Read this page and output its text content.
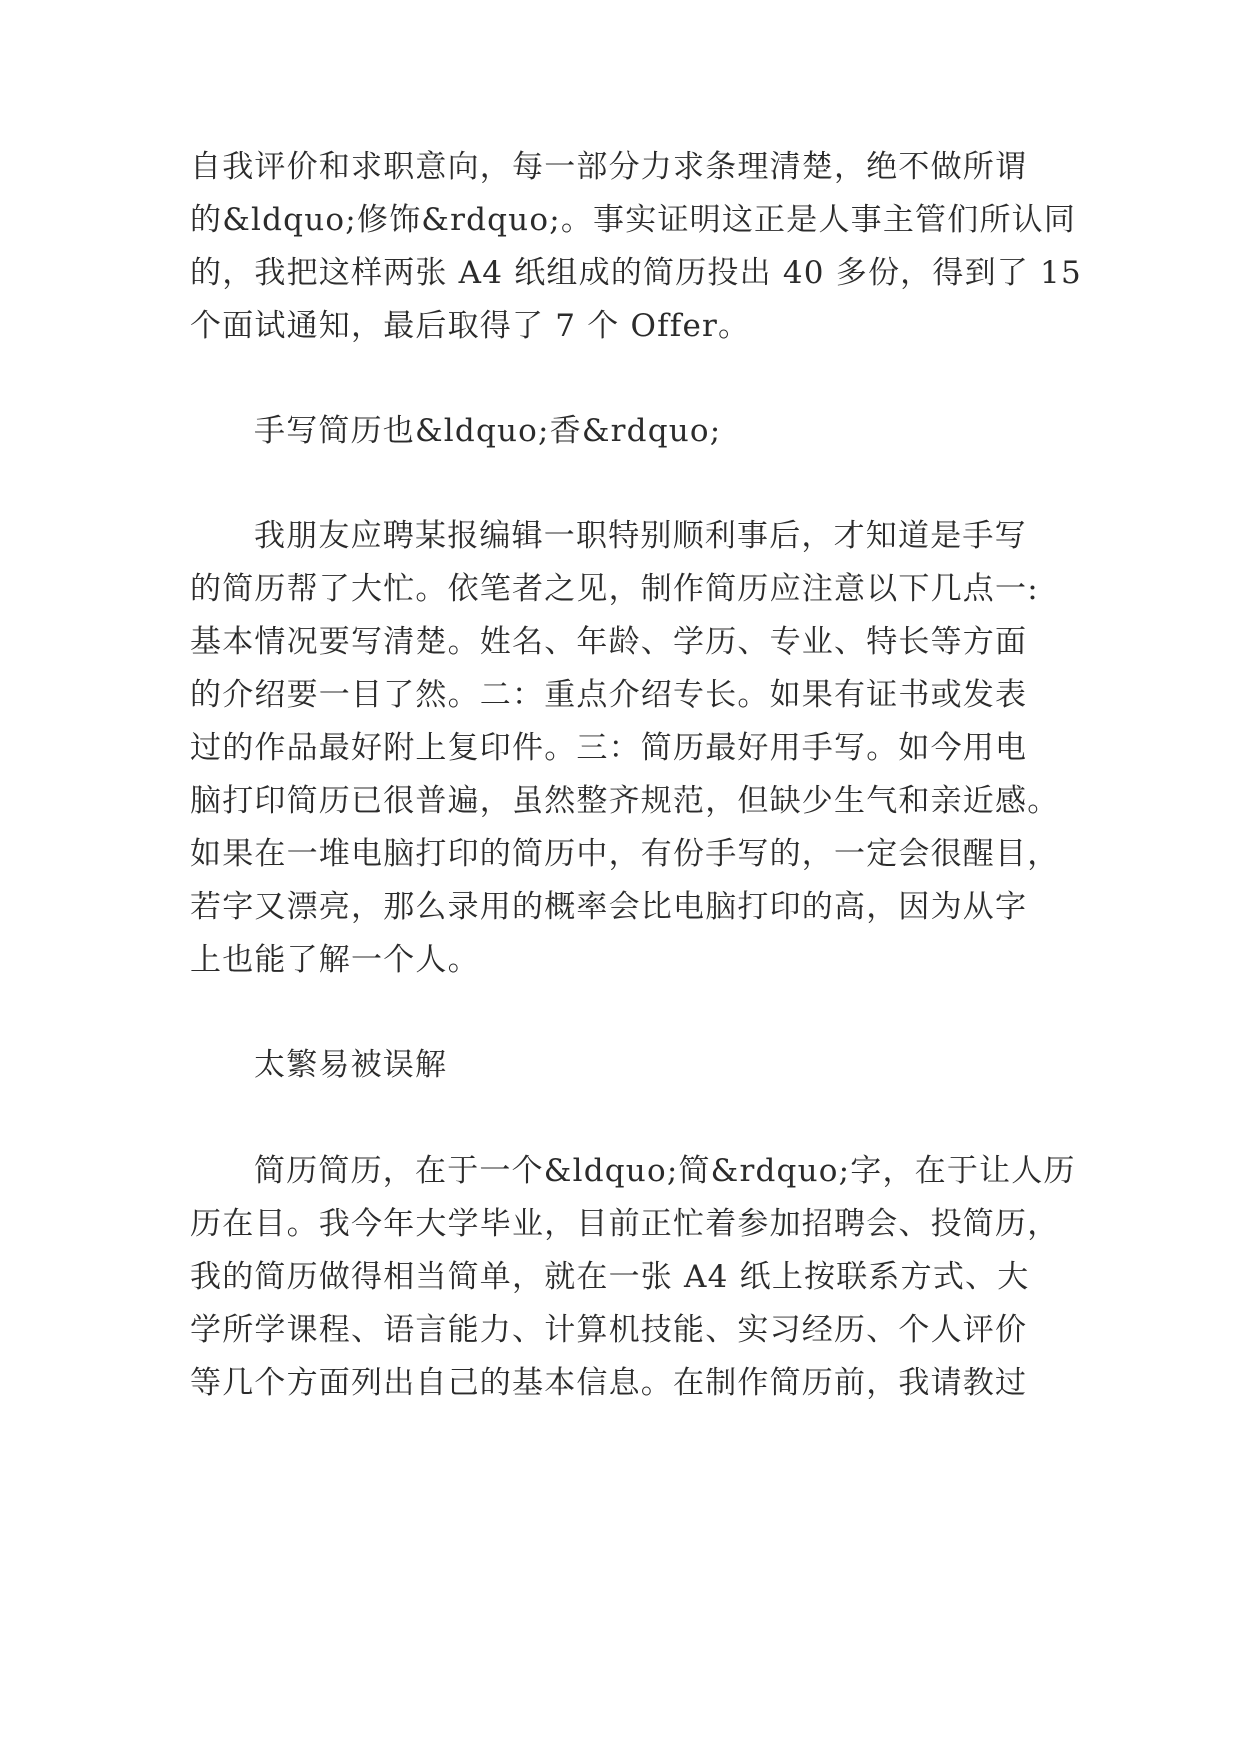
自我评价和求职意向，每一部分力求条理清楚，绝不做所谓
的&ldquo;修饰&rdquo;。事实证明这正是人事主管们所认同
的，我把这样两张 A4 纸组成的简历投出 40 多份，得到了 15
个面试通知，最后取得了 7 个 Offer。
手写简历也&ldquo;香&rdquo;
我朋友应聘某报编辑一职特别顺利事后，才知道是手写
的简历帮了大忙。依笔者之见，制作简历应注意以下几点一:
基本情况要写清楚。姓名、年龄、学历、专业、特长等方面
的介绍要一目了然。二：重点介绍专长。如果有证书或发表
过的作品最好附上复印件。三：简历最好用手写。如今用电
脑打印简历已很普遍，虽然整齐规范，但缺少生气和亲近感。
如果在一堆电脑打印的简历中，有份手写的，一定会很醒目，
若字又漂亮，那么录用的概率会比电脑打印的高，因为从字
上也能了解一个人。
太繁易被误解
简历简历，在于一个&ldquo;简&rdquo;字，在于让人历
历在目。我今年大学毕业，目前正忙着参加招聘会、投简历，
我的简历做得相当简单，就在一张 A4 纸上按联系方式、大
学所学课程、语言能力、计算机技能、实习经历、个人评价
等几个方面列出自己的基本信息。在制作简历前，我请教过
